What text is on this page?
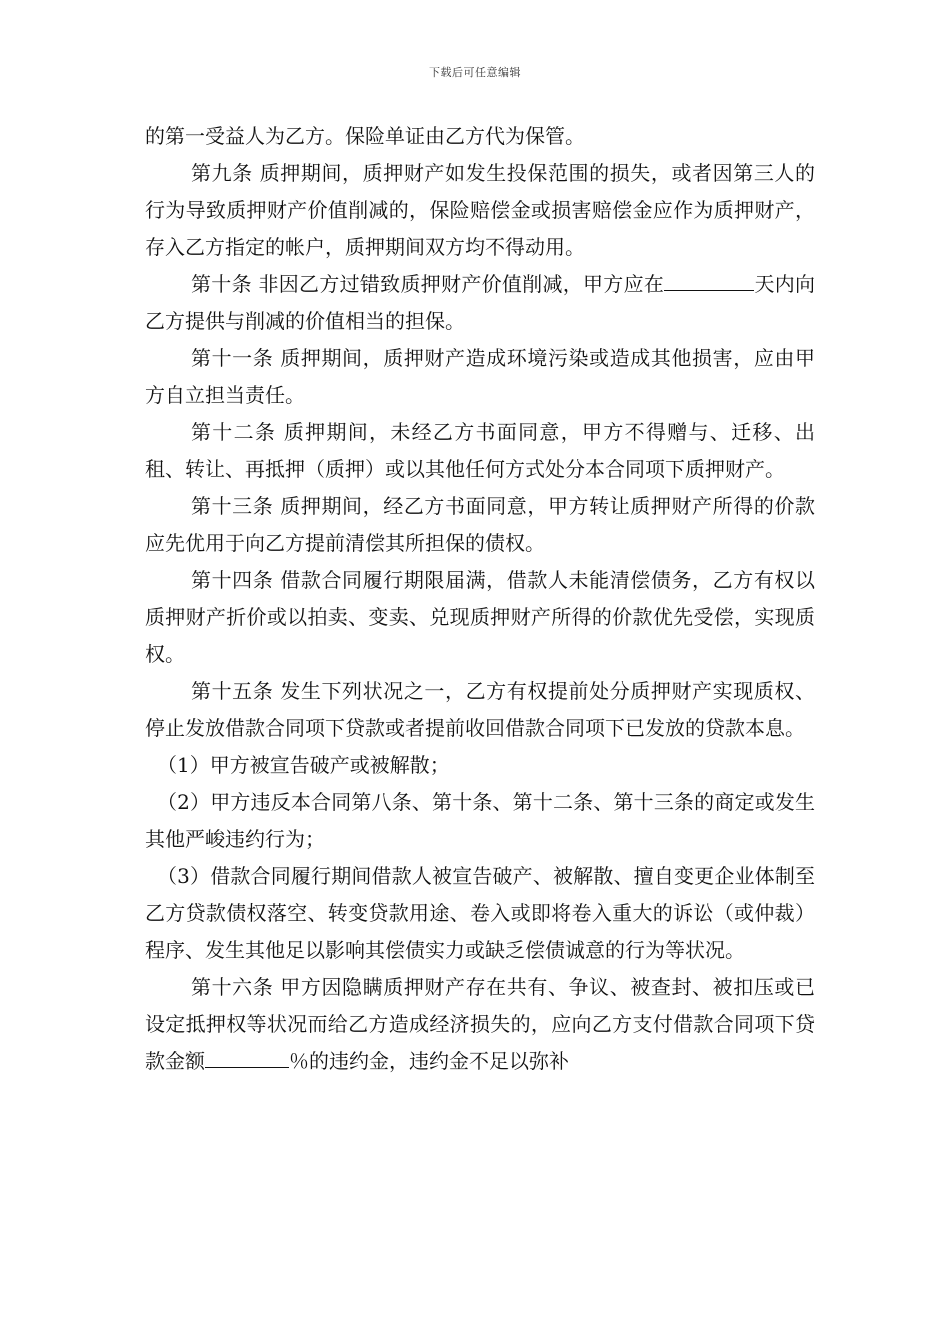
下载后可任意编辑

的第一受益人为乙方。保险单证由乙方代为保管。

第九条 质押期间，质押财产如发生投保范围的损失，或者因第三人的行为导致质押财产价值削减的，保险赔偿金或损害赔偿金应作为质押财产，存入乙方指定的帐户，质押期间双方均不得动用。

第十条 非因乙方过错致质押财产价值削减，甲方应在	天内向乙方提供与削减的价值相当的担保。

第十一条 质押期间，质押财产造成环境污染或造成其他损害，应由甲方自立担当责任。

第十二条 质押期间，未经乙方书面同意，甲方不得赠与、迁移、出租、转让、再抵押（质押）或以其他任何方式处分本合同项下质押财产。

第十三条 质押期间，经乙方书面同意，甲方转让质押财产所得的价款应先优用于向乙方提前清偿其所担保的债权。

第十四条 借款合同履行期限届满，借款人未能清偿债务，乙方有权以质押财产折价或以拍卖、变卖、兑现质押财产所得的价款优先受偿，实现质权。

第十五条 发生下列状况之一，乙方有权提前处分质押财产实现质权、停止发放借款合同项下贷款或者提前收回借款合同项下已发放的贷款本息。

（1）甲方被宣告破产或被解散；

（2）甲方违反本合同第八条、第十条、第十二条、第十三条的商定或发生其他严峻违约行为；

（3）借款合同履行期间借款人被宣告破产、被解散、擅自变更企业体制至乙方贷款债权落空、转变贷款用途、卷入或即将卷入重大的诉讼（或仲裁）程序、发生其他足以影响其偿债实力或缺乏偿债诚意的行为等状况。

第十六条 甲方因隐瞒质押财产存在共有、争议、被查封、被扣压或已设定抵押权等状况而给乙方造成经济损失的，应向乙方支付借款合同项下贷款金额	％的违约金，违约金不足以弥补
